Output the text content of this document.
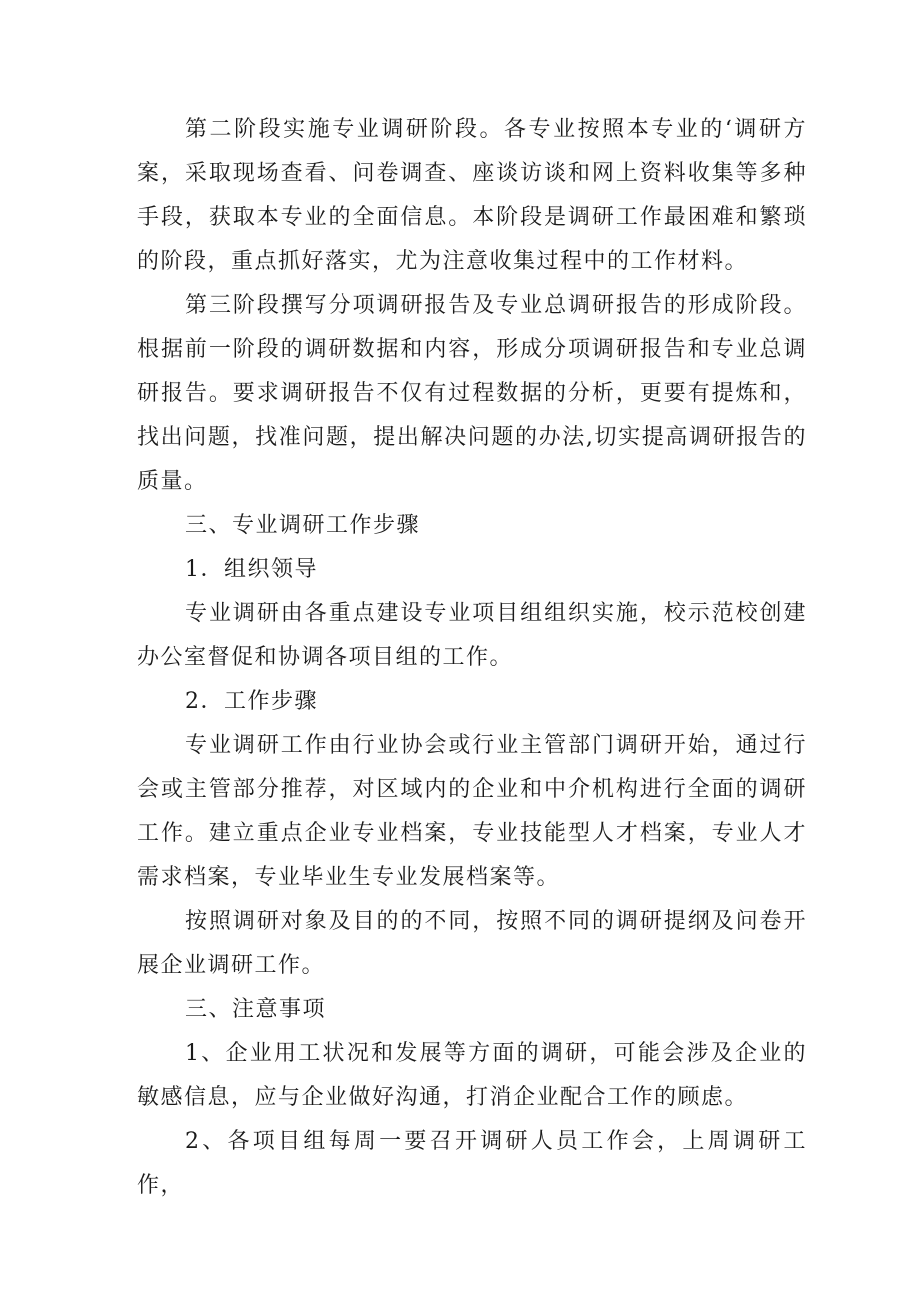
第二阶段实施专业调研阶段。各专业按照本专业的‘调研方案，采取现场查看、问卷调查、座谈访谈和网上资料收集等多种手段，获取本专业的全面信息。本阶段是调研工作最困难和繁琐的阶段，重点抓好落实，尤为注意收集过程中的工作材料。

第三阶段撰写分项调研报告及专业总调研报告的形成阶段。根据前一阶段的调研数据和内容，形成分项调研报告和专业总调研报告。要求调研报告不仅有过程数据的分析，更要有提炼和，找出问题，找准问题，提出解决问题的办法,切实提高调研报告的质量。

三、专业调研工作步骤

1．组织领导

专业调研由各重点建设专业项目组组织实施，校示范校创建办公室督促和协调各项目组的工作。

2．工作步骤

专业调研工作由行业协会或行业主管部门调研开始，通过行会或主管部分推荐，对区域内的企业和中介机构进行全面的调研工作。建立重点企业专业档案，专业技能型人才档案，专业人才需求档案，专业毕业生专业发展档案等。

按照调研对象及目的的不同，按照不同的调研提纲及问卷开展企业调研工作。

三、注意事项

1、企业用工状况和发展等方面的调研，可能会涉及企业的敏感信息，应与企业做好沟通，打消企业配合工作的顾虑。

2、各项目组每周一要召开调研人员工作会，上周调研工作，
